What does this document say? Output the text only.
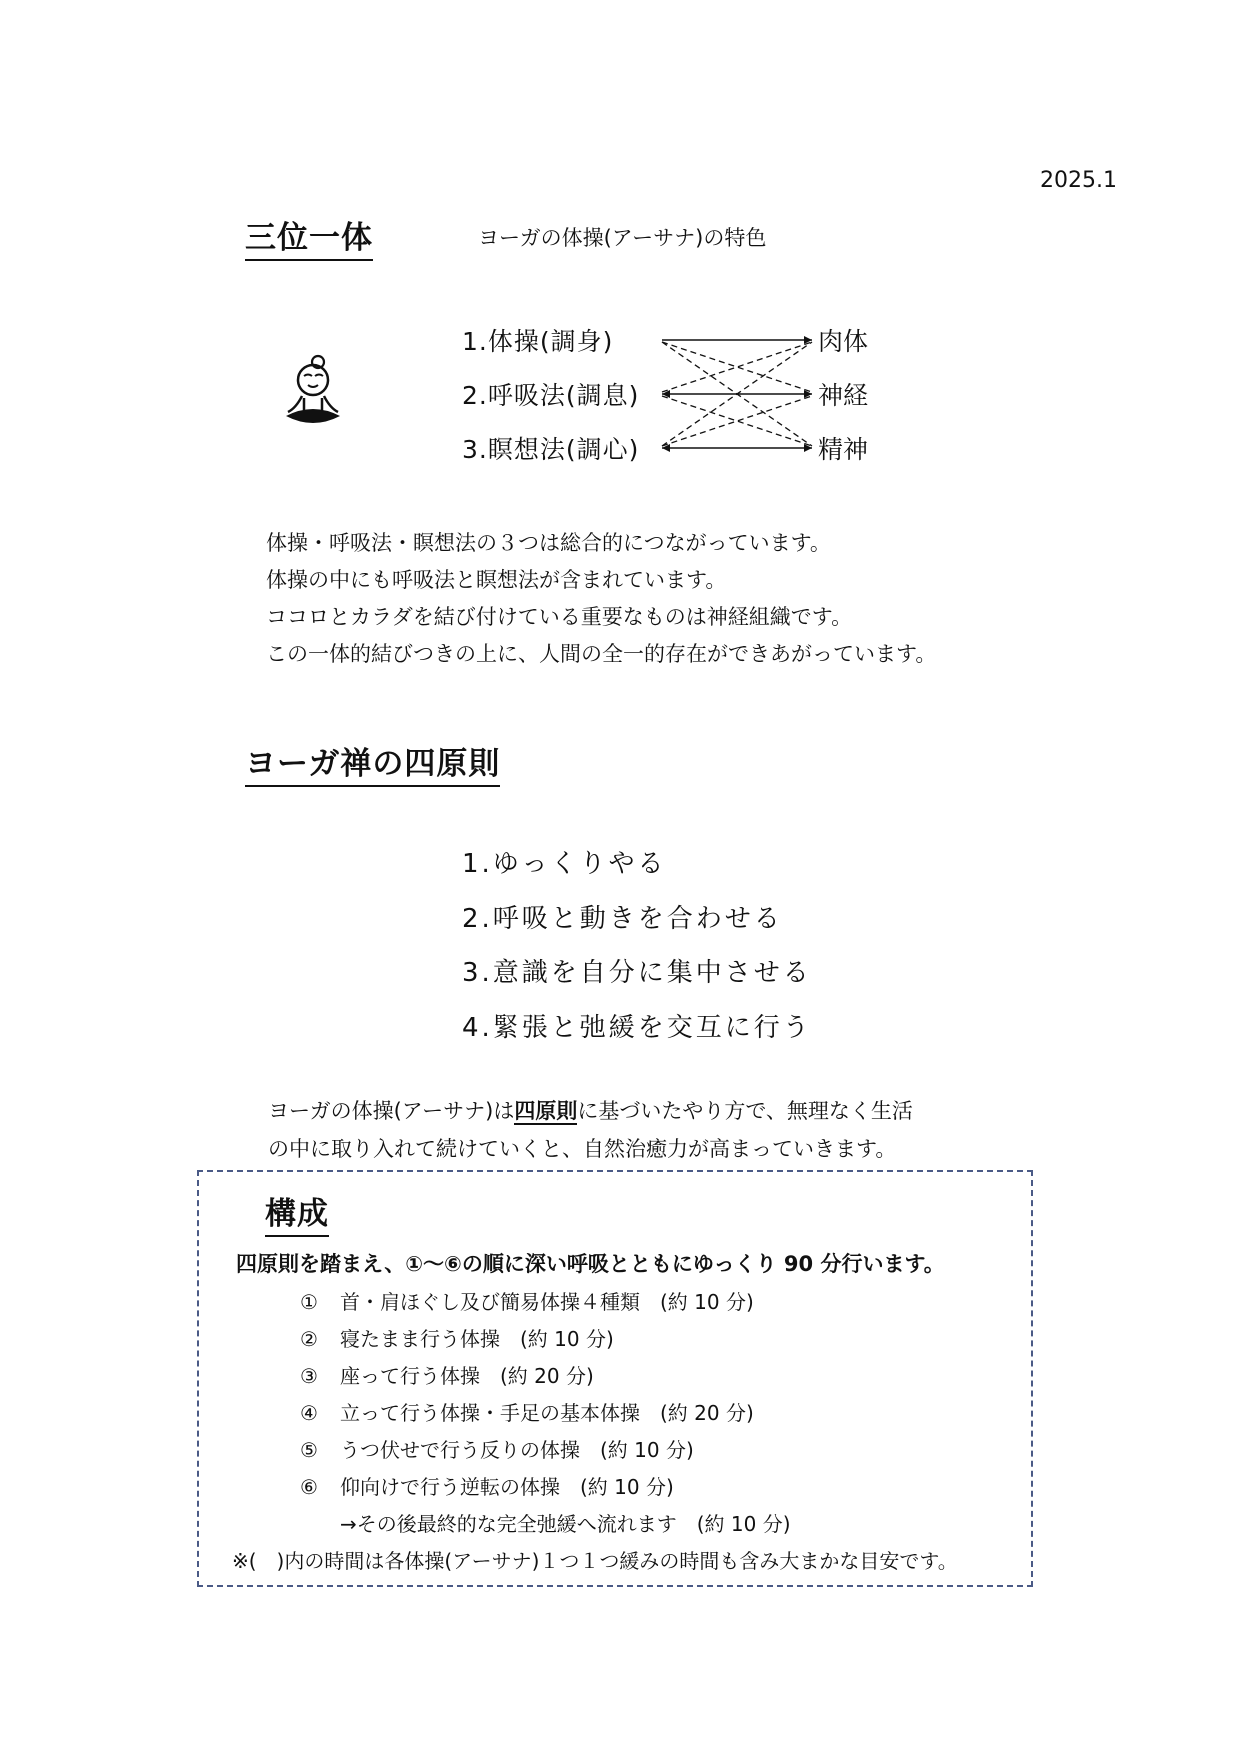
2025.1
三位一体	ヨーガの体操(アーサナ)の特色
1.体操(調身)
2.呼吸法(調息)
3.瞑想法(調心)
肉体
神経
精神
体操・呼吸法・瞑想法の３つは総合的につながっています。
体操の中にも呼吸法と瞑想法が含まれています。
ココロとカラダを結び付けている重要なものは神経組織です。
この一体的結びつきの上に、人間の全一的存在ができあがっています。
ヨーガ禅の四原則
1.ゆっくりやる
2.呼吸と動きを合わせる
3.意識を自分に集中させる
4.緊張と弛緩を交互に行う
ヨーガの体操(アーサナ)は四原則に基づいたやり方で、無理なく生活
の中に取り入れて続けていくと、自然治癒力が高まっていきます。
構成
四原則を踏まえ、①～⑥の順に深い呼吸とともにゆっくり 90 分行います。
① 首・肩ほぐし及び簡易体操４種類　(約 10 分)
② 寝たまま行う体操　(約 10 分)
③ 座って行う体操　(約 20 分)
④ 立って行う体操・手足の基本体操　(約 20 分)
⑤ うつ伏せで行う反りの体操　(約 10 分)
⑥ 仰向けで行う逆転の体操　(約 10 分)
→その後最終的な完全弛緩へ流れます　(約 10 分)
※(　)内の時間は各体操(アーサナ)１つ１つ緩みの時間も含み大まかな目安です。
